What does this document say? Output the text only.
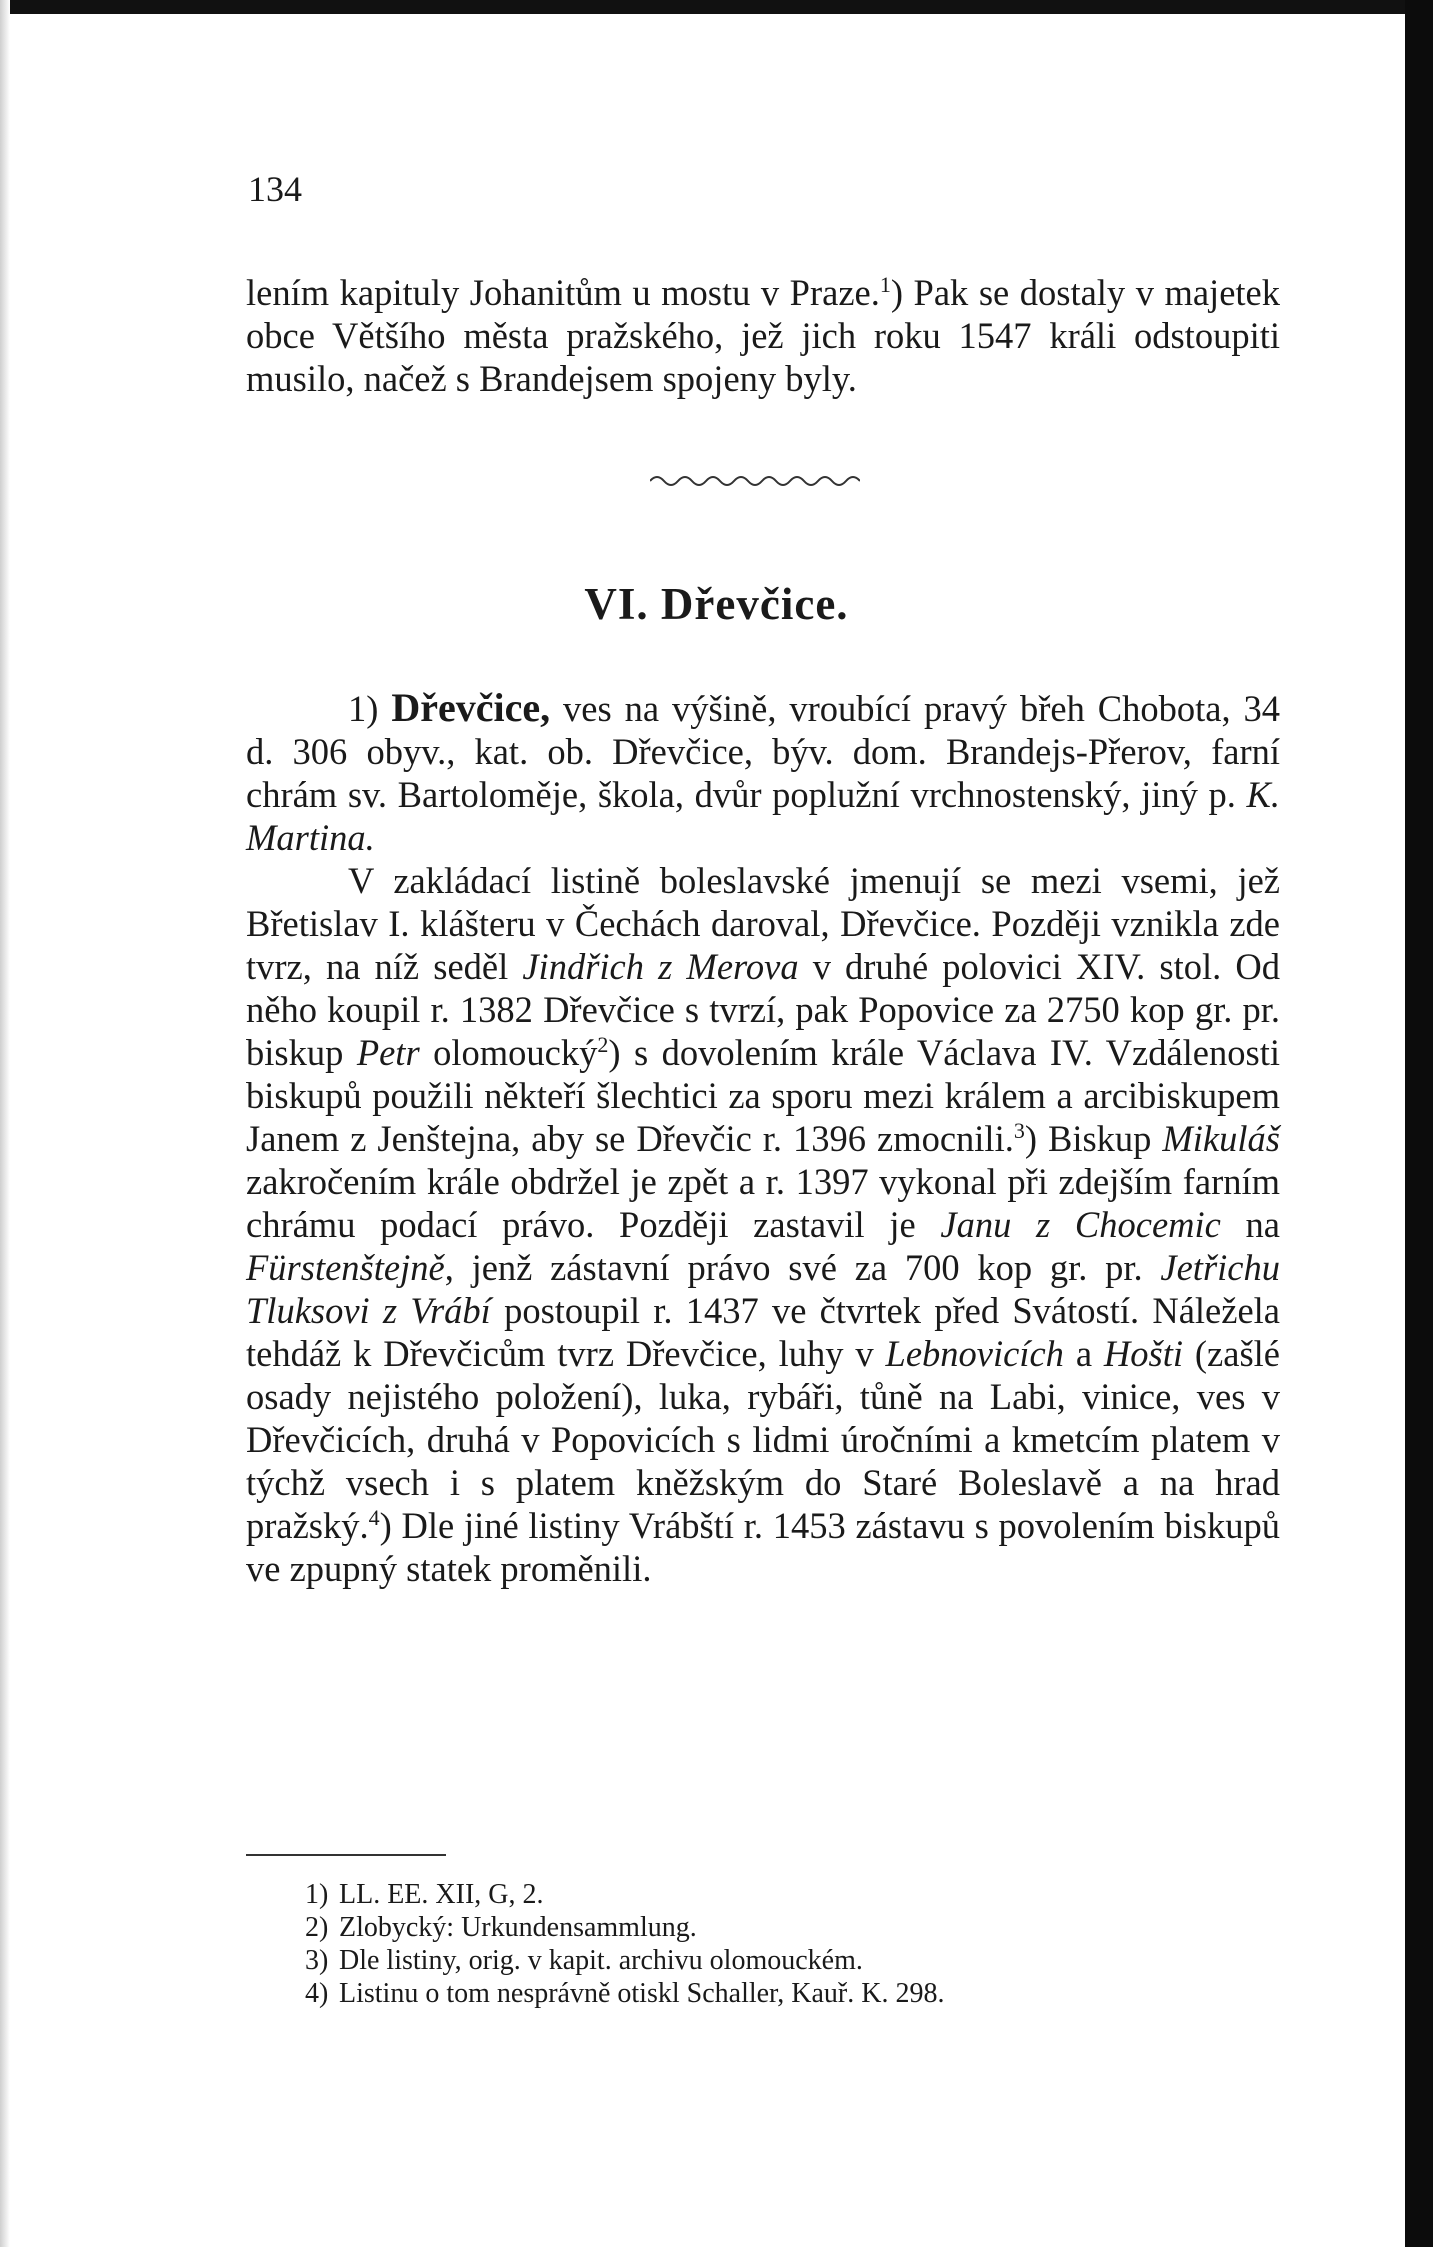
134

lením kapituly Johanitům u mostu v Praze.$^1$) Pak se dostaly v majetek obce Většího města pražského, jež jich roku 1547 králi odstoupiti musilo, načež s Brandejsem spojeny byly.

VI. Dřevčice.

1) Dřevčice, ves na výšině, vroubící pravý břeh Chobota, 34 d. 306 obyv., kat. ob. Dřevčice, býv. dom. Brandejs-Přerov, farní chrám sv. Bartoloměje, škola, dvůr poplužní vrchnostenský, jiný p. K. Martina.

V zakládací listině boleslavské jmenují se mezi vsemi, jež Břetislav I. klášteru v Čechách daroval, Dřevčice. Později vznikla zde tvrz, na níž seděl Jindřich z Merova v druhé polovici XIV. stol. Od něho koupil r. 1382 Dřevčice s tvrzí, pak Popovice za 2750 kop gr. pr. biskup Petr olomoucký$^2$) s dovolením krále Václava IV. Vzdálenosti biskupů použili někteří šlechtici za sporu mezi králem a arcibiskupem Janem z Jenštejna, aby se Dřevčic r. 1396 zmocnili.$^3$) Biskup Mikuláš zakročením krále obdržel je zpět a r. 1397 vykonal při zdejším farním chrámu podací právo. Později zastavil je Janu z Chocemic na Fürstenštejně, jenž zástavní právo své za 700 kop gr. pr. Jetřichu Tluksovi z Vrábí postoupil r. 1437 ve čtvrtek před Svátostí. Náležela tehdáž k Dřevčicům tvrz Dřevčice, luhy v Lebnovicích a Hošti (zašlé osady nejistého položení), luka, rybáři, tůně na Labi, vinice, ves v Dřevčicích, druhá v Popovicích s lidmi úročními a kmetcím platem v týchž vsech i s platem kněžským do Staré Boleslavě a na hrad pražský.$^4$) Dle jiné listiny Vrábští r. 1453 zástavu s povolením biskupů ve zpupný statek proměnili.

1) LL. EE. XII, G, 2.
2) Zlobycký: Urkundensammlung.
3) Dle listiny, orig. v kapit. archivu olomouckém.
4) Listinu o tom nesprávně otiskl Schaller, Kauř. K. 298.
